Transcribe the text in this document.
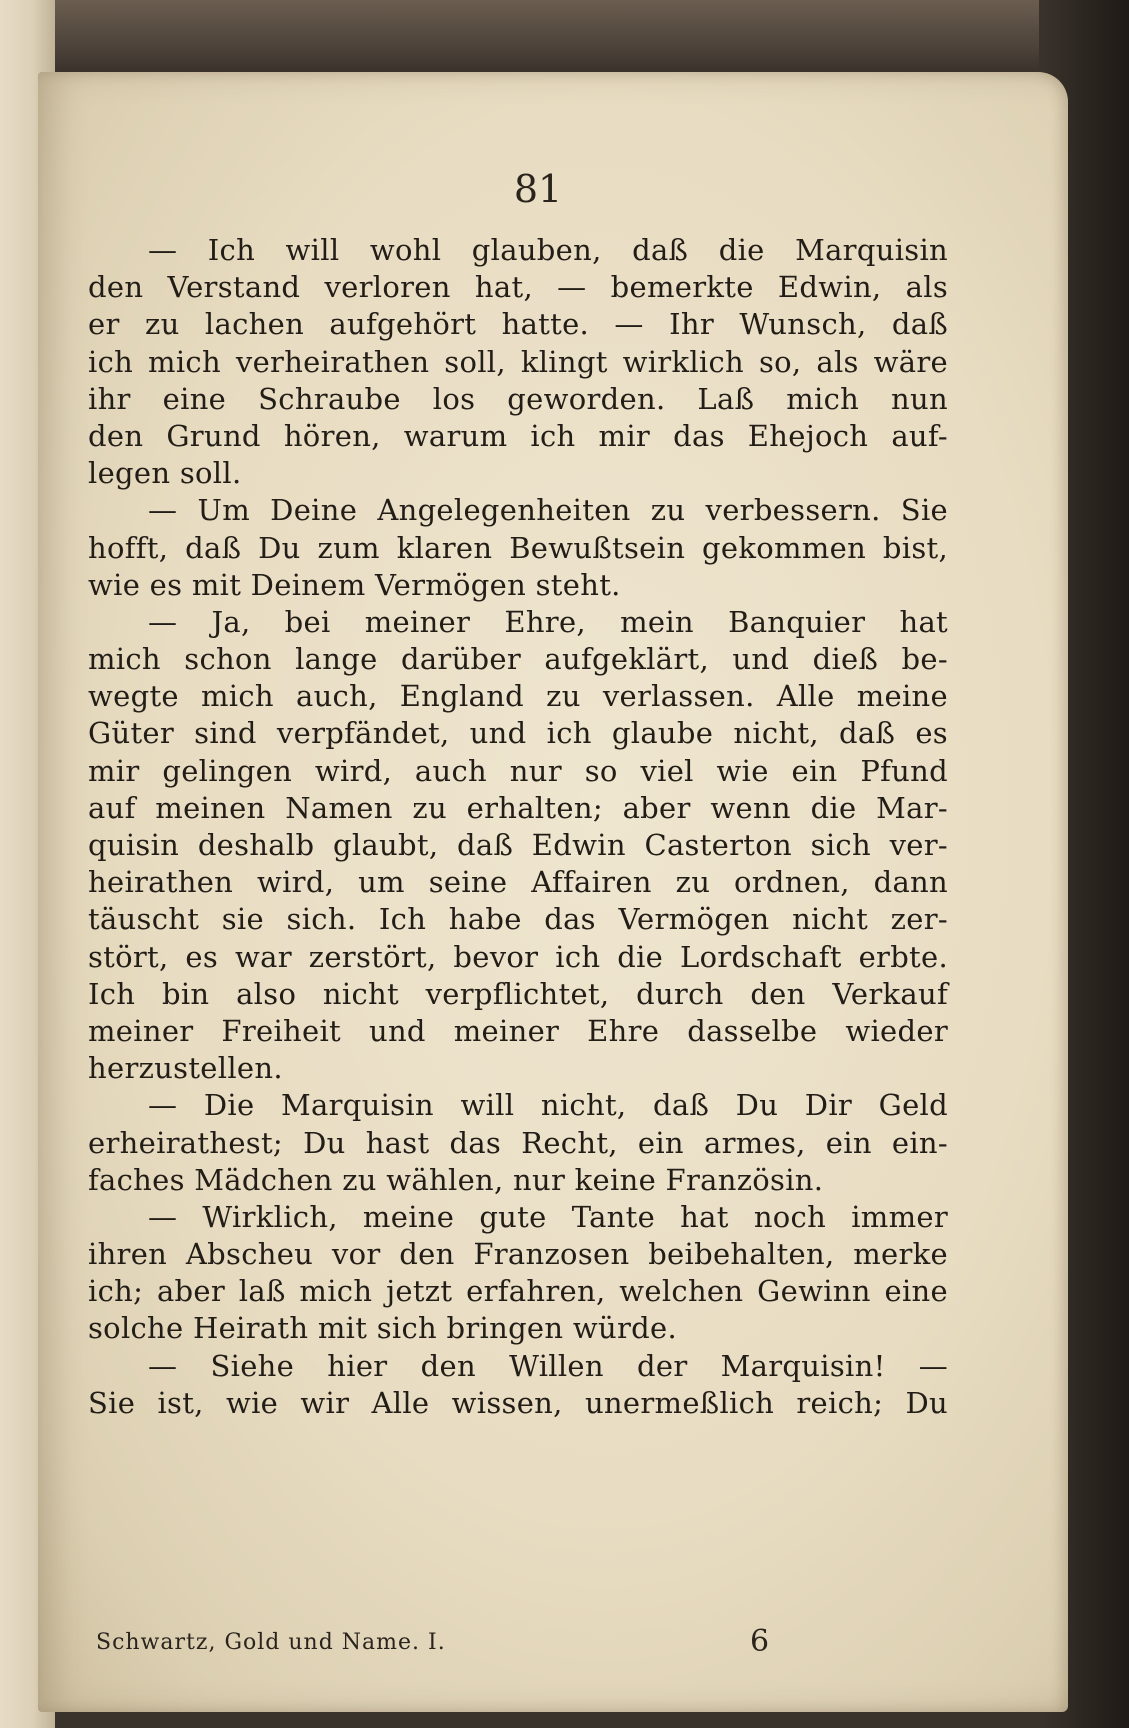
81
— Ich will wohl glauben, daß die Marquisin
den Verstand verloren hat, — bemerkte Edwin, als
er zu lachen aufgehört hatte. — Ihr Wunsch, daß
ich mich verheirathen soll, klingt wirklich so, als wäre
ihr eine Schraube los geworden. Laß mich nun
den Grund hören, warum ich mir das Ehejoch auf-
legen soll.
— Um Deine Angelegenheiten zu verbessern. Sie
hofft, daß Du zum klaren Bewußtsein gekommen bist,
wie es mit Deinem Vermögen steht.
— Ja, bei meiner Ehre, mein Banquier hat
mich schon lange darüber aufgeklärt, und dieß be-
wegte mich auch, England zu verlassen. Alle meine
Güter sind verpfändet, und ich glaube nicht, daß es
mir gelingen wird, auch nur so viel wie ein Pfund
auf meinen Namen zu erhalten; aber wenn die Mar-
quisin deshalb glaubt, daß Edwin Casterton sich ver-
heirathen wird, um seine Affairen zu ordnen, dann
täuscht sie sich. Ich habe das Vermögen nicht zer-
stört, es war zerstört, bevor ich die Lordschaft erbte.
Ich bin also nicht verpflichtet, durch den Verkauf
meiner Freiheit und meiner Ehre dasselbe wieder
herzustellen.
— Die Marquisin will nicht, daß Du Dir Geld
erheirathest; Du hast das Recht, ein armes, ein ein-
faches Mädchen zu wählen, nur keine Französin.
— Wirklich, meine gute Tante hat noch immer
ihren Abscheu vor den Franzosen beibehalten, merke
ich; aber laß mich jetzt erfahren, welchen Gewinn eine
solche Heirath mit sich bringen würde.
— Siehe hier den Willen der Marquisin! —
Sie ist, wie wir Alle wissen, unermeßlich reich; Du
Schwartz, Gold und Name. I.	6
